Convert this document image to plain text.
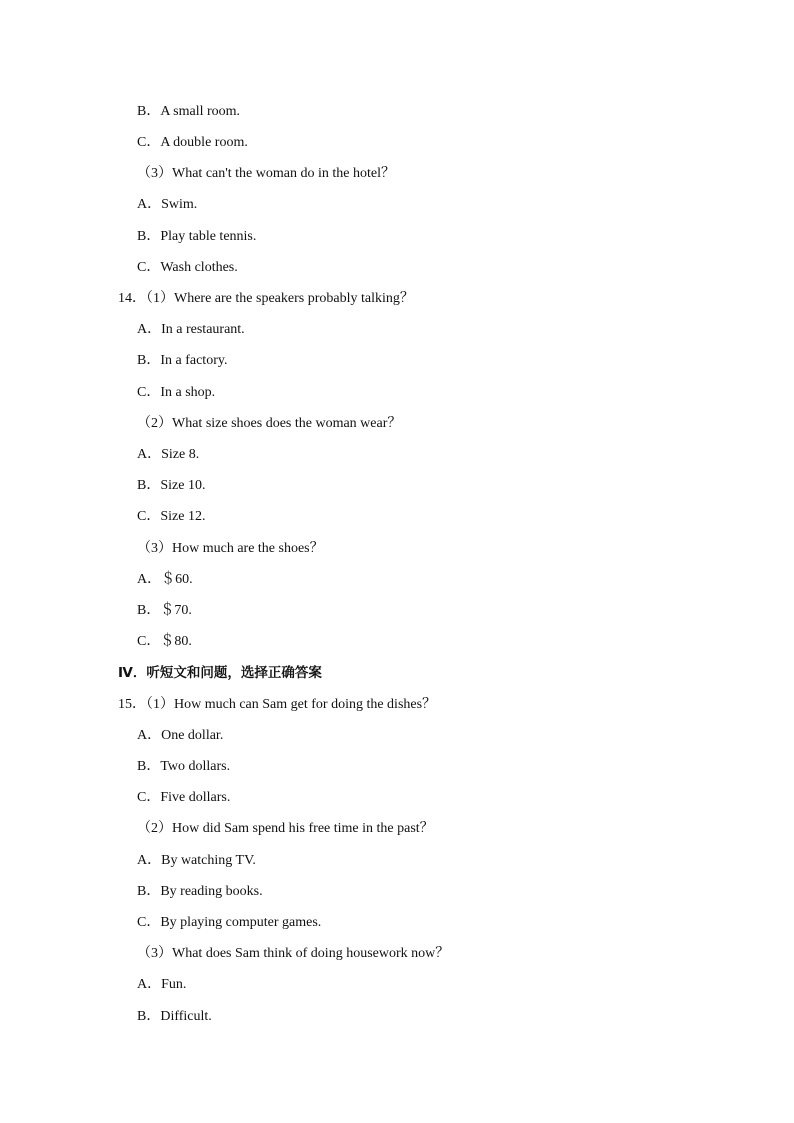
B．A small room.
C．A double room.
（3）What can't the woman do in the hotel？
A．Swim.
B．Play table tennis.
C．Wash clothes.
14．（1）Where are the speakers probably talking？
A．In a restaurant.
B．In a factory.
C．In a shop.
（2）What size shoes does the woman wear？
A．Size 8.
B．Size 10.
C．Size 12.
（3）How much are the shoes？
A．＄60.
B．＄70.
C．＄80.
Ⅳ．听短文和问题，选择正确答案
15．（1）How much can Sam get for doing the dishes？
A．One dollar.
B．Two dollars.
C．Five dollars.
（2）How did Sam spend his free time in the past？
A．By watching TV.
B．By reading books.
C．By playing computer games.
（3）What does Sam think of doing housework now？
A．Fun.
B．Difficult.
